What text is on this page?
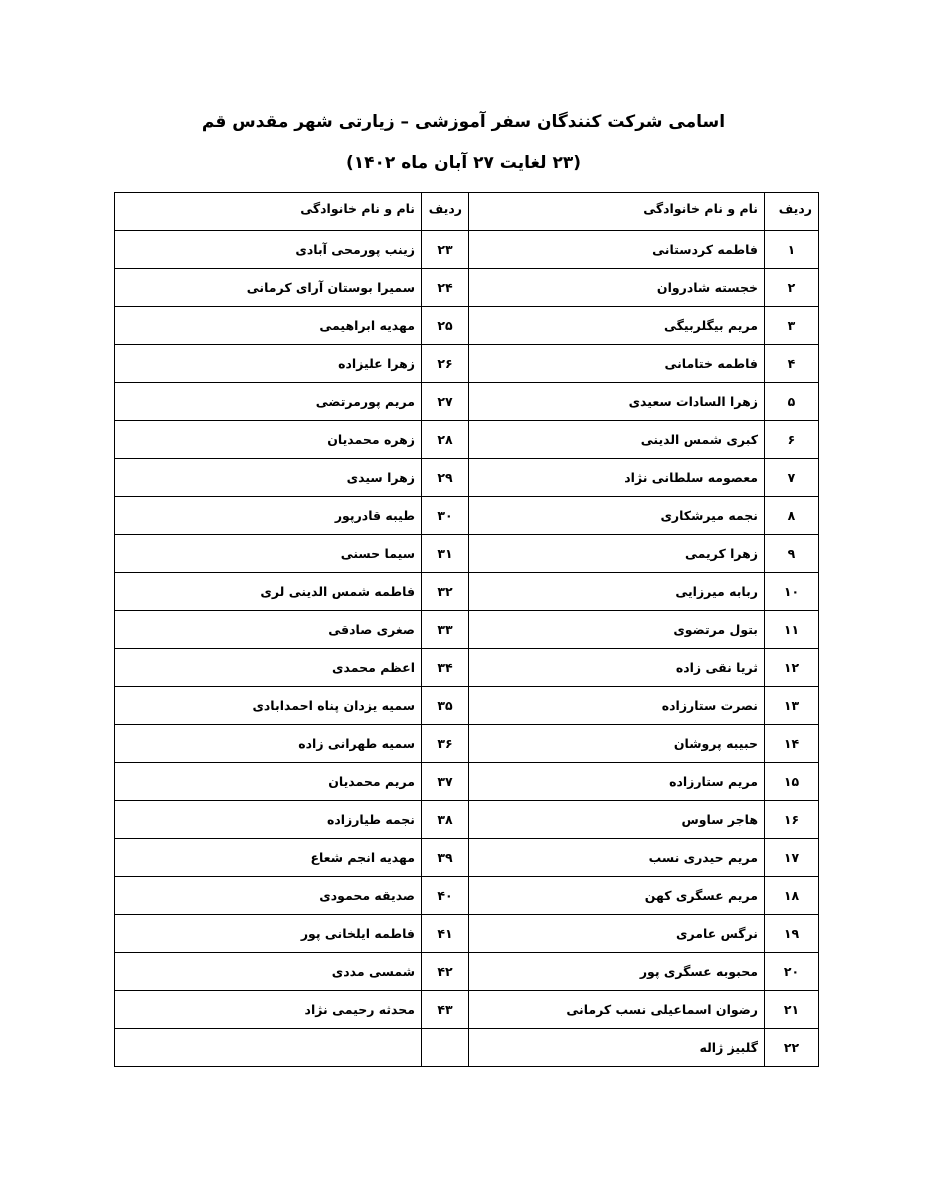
اسامی شرکت کنندگان سفر آموزشی – زیارتی شهر مقدس قم
(۲۳ لغایت ۲۷ آبان ماه ۱۴۰۲)
ردیف	نام و نام خانوادگی	ردیف	نام و نام خانوادگی
۱	فاطمه کردستانی	۲۳	زینب پورمحی آبادی
۲	خجسته شادروان	۲۴	سمیرا بوستان آرای کرمانی
۳	مریم بیگلربیگی	۲۵	مهدیه ابراهیمی
۴	فاطمه ختامانی	۲۶	زهرا علیزاده
۵	زهرا السادات سعیدی	۲۷	مریم پورمرتضی
۶	کبری شمس الدینی	۲۸	زهره محمدیان
۷	معصومه سلطانی نژاد	۲۹	زهرا سیدی
۸	نجمه میرشکاری	۳۰	طیبه قادرپور
۹	زهرا کریمی	۳۱	سیما حسنی
۱۰	ربابه میرزایی	۳۲	فاطمه شمس الدینی لری
۱۱	بتول مرتضوی	۳۳	صغری صادقی
۱۲	ثریا نقی زاده	۳۴	اعظم محمدی
۱۳	نصرت ستارزاده	۳۵	سمیه یزدان پناه احمدابادی
۱۴	حبیبه پروشان	۳۶	سمیه طهرانی زاده
۱۵	مریم ستارزاده	۳۷	مریم محمدیان
۱۶	هاجر ساوس	۳۸	نجمه طیارزاده
۱۷	مریم حیدری نسب	۳۹	مهدیه انجم شعاع
۱۸	مریم عسگری کهن	۴۰	صدیقه محمودی
۱۹	نرگس عامری	۴۱	فاطمه ایلخانی پور
۲۰	محبوبه عسگری پور	۴۲	شمسی مددی
۲۱	رضوان اسماعیلی نسب کرمانی	۴۳	محدثه رحیمی نژاد
۲۲	گلبیز ژاله		
